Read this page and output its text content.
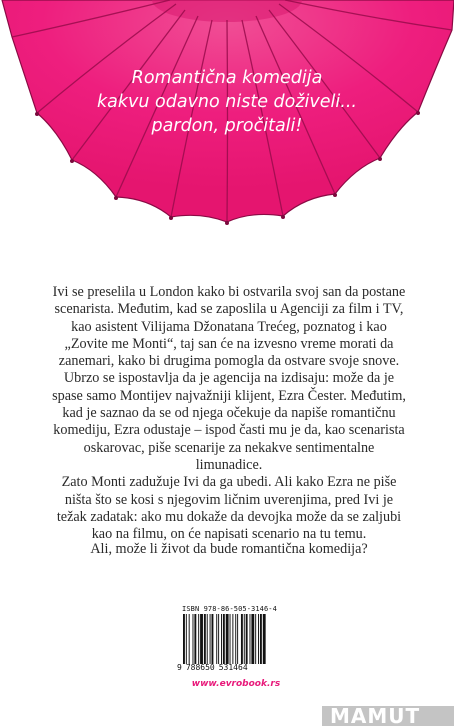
Romantična komedija
kakvu odavno niste doživeli...
pardon, pročitali!

Ivi se preselila u London kako bi ostvarila svoj san da postane scenarista. Međutim, kad se zaposlila u Agenciji za film i TV, kao asistent Vilijama Džonatana Trećeg, poznatog i kao „Zovite me Monti“, taj san će na izvesno vreme morati da zanemari, kako bi drugima pomogla da ostvare svoje snove.

Ubrzo se ispostavlja da je agencija na izdisaju: može da je spase samo Montijev najvažniji klijent, Ezra Čester. Međutim, kad je saznao da se od njega očekuje da napiše romantičnu komediju, Ezra odustaje – ispod časti mu je da, kao scenarista oskarovac, piše scenarije za nekakve sentimentalne limunadice.

Zato Monti zadužuje Ivi da ga ubedi. Ali kako Ezra ne piše ništa što se kosi s njegovim ličnim uverenjima, pred Ivi je težak zadatak: ako mu dokaže da devojka može da se zaljubi kao na filmu, on će napisati scenario na tu temu.

Ali, može li život da bude romantična komedija?
ISBN 978-86-505-3146-4
9 788650 531464
www.evrobook.rs
MAMUT
